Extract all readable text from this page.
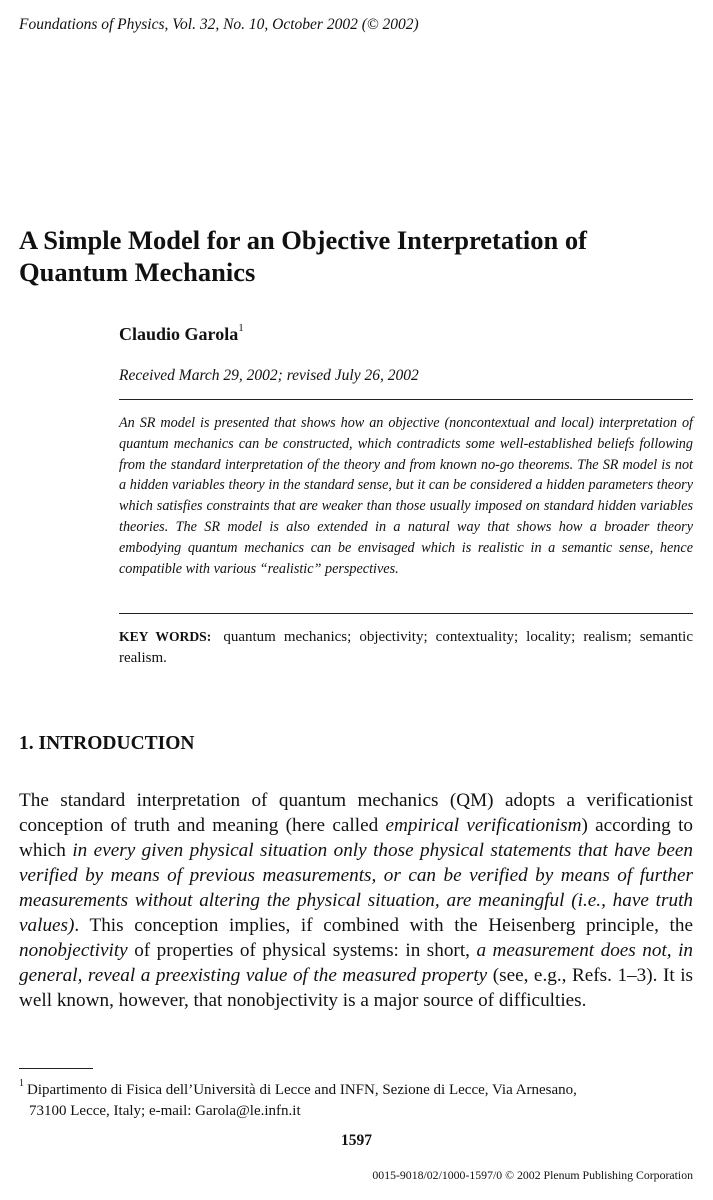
Foundations of Physics, Vol. 32, No. 10, October 2002 (© 2002)
A Simple Model for an Objective Interpretation of
Quantum Mechanics
Claudio Garola$^1$
Received March 29, 2002; revised July 26, 2002
An SR model is presented that shows how an objective (noncontextual and local) interpretation of quantum mechanics can be constructed, which contradicts some well-established beliefs following from the standard interpretation of the theory and from known no-go theorems. The SR model is not a hidden variables theory in the standard sense, but it can be considered a hidden parameters theory which satisfies constraints that are weaker than those usually imposed on standard hidden variables theories. The SR model is also extended in a natural way that shows how a broader theory embodying quantum mechanics can be envisaged which is realistic in a semantic sense, hence compatible with various “realistic” perspectives.
KEY WORDS: quantum mechanics; objectivity; contextuality; locality; realism; semantic realism.
1. INTRODUCTION
The standard interpretation of quantum mechanics (QM) adopts a verificationist conception of truth and meaning (here called empirical verificationism) according to which in every given physical situation only those physical statements that have been verified by means of previous measurements, or can be verified by means of further measurements without altering the physical situation, are meaningful (i.e., have truth values). This conception implies, if combined with the Heisenberg principle, the nonobjectivity of properties of physical systems: in short, a measurement does not, in general, reveal a preexisting value of the measured property (see, e.g., Refs. 1–3). It is well known, however, that nonobjectivity is a major source of difficulties.
$^1$ Dipartimento di Fisica dell’Università di Lecce and INFN, Sezione di Lecce, Via Arnesano,
73100 Lecce, Italy; e-mail: Garola@le.infn.it
1597
0015-9018/02/1000-1597/0 © 2002 Plenum Publishing Corporation
